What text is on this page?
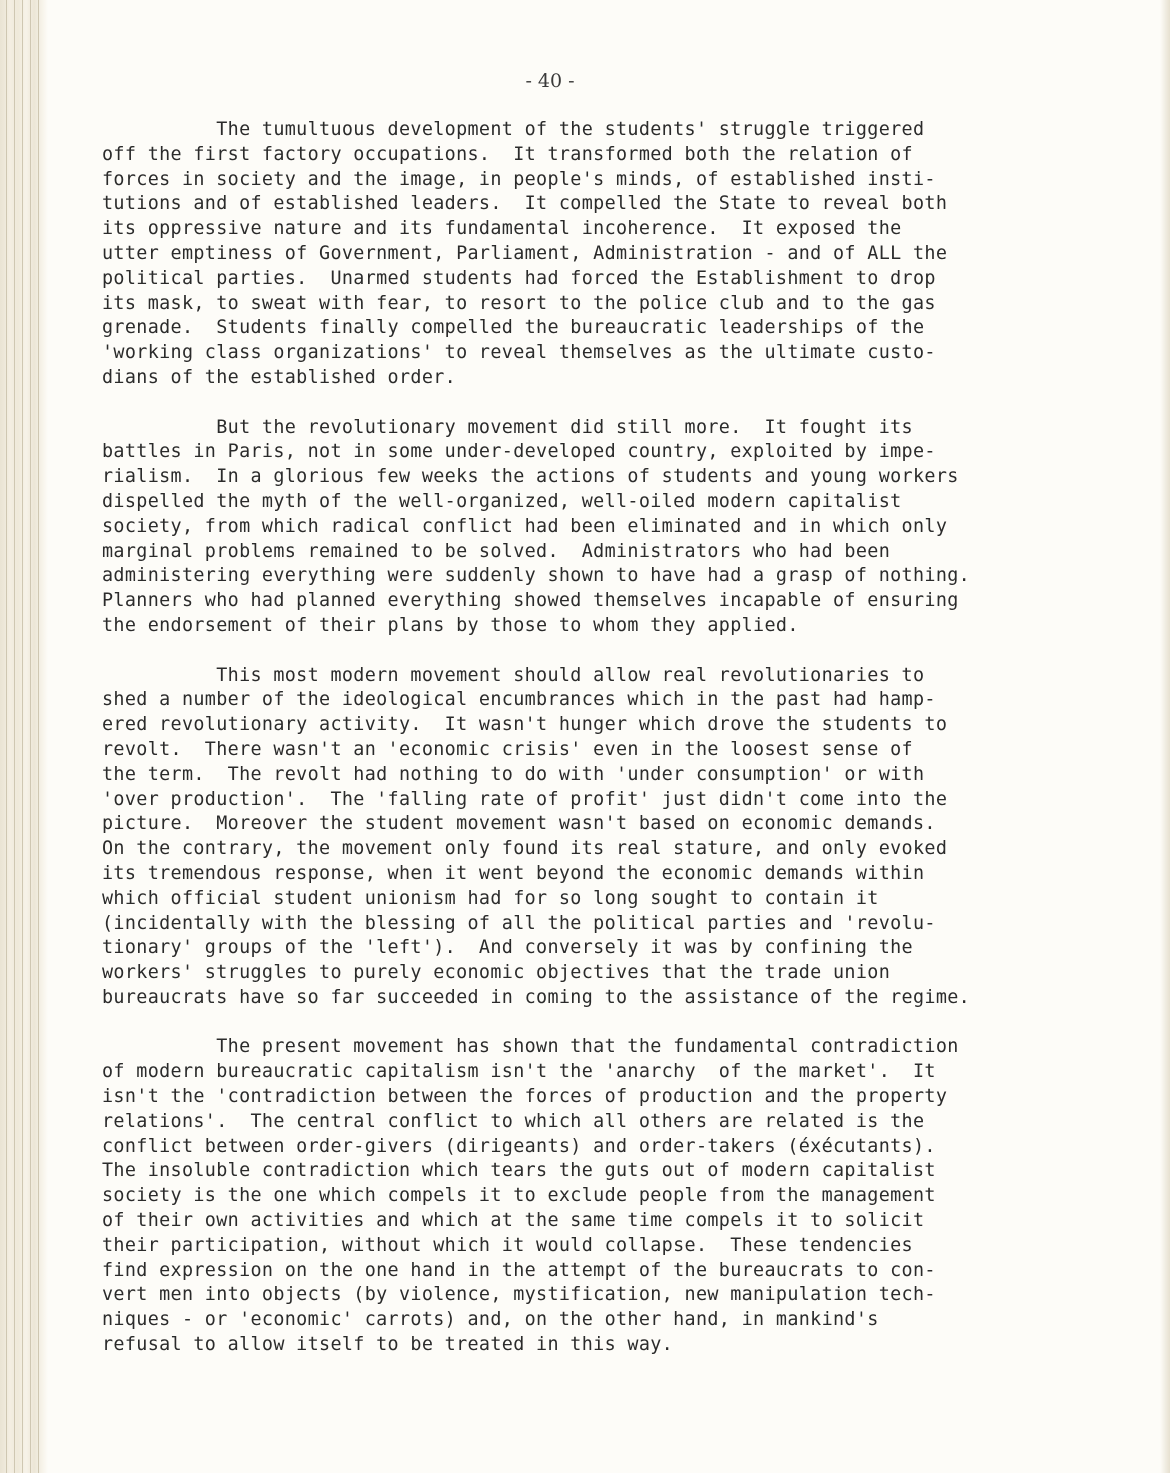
- 40 -

The tumultuous development of the students' struggle triggered
off the first factory occupations.  It transformed both the relation of
forces in society and the image, in people's minds, of established insti-
tutions and of established leaders.  It compelled the State to reveal both
its oppressive nature and its fundamental incoherence.  It exposed the
utter emptiness of Government, Parliament, Administration - and of ALL the
political parties.  Unarmed students had forced the Establishment to drop
its mask, to sweat with fear, to resort to the police club and to the gas
grenade.  Students finally compelled the bureaucratic leaderships of the
'working class organizations' to reveal themselves as the ultimate custo-
dians of the established order.

But the revolutionary movement did still more.  It fought its
battles in Paris, not in some under-developed country, exploited by impe-
rialism.  In a glorious few weeks the actions of students and young workers
dispelled the myth of the well-organized, well-oiled modern capitalist
society, from which radical conflict had been eliminated and in which only
marginal problems remained to be solved.  Administrators who had been
administering everything were suddenly shown to have had a grasp of nothing.
Planners who had planned everything showed themselves incapable of ensuring
the endorsement of their plans by those to whom they applied.

This most modern movement should allow real revolutionaries to
shed a number of the ideological encumbrances which in the past had hamp-
ered revolutionary activity.  It wasn't hunger which drove the students to
revolt.  There wasn't an 'economic crisis' even in the loosest sense of
the term.  The revolt had nothing to do with 'under consumption' or with
'over production'.  The 'falling rate of profit' just didn't come into the
picture.  Moreover the student movement wasn't based on economic demands.
On the contrary, the movement only found its real stature, and only evoked
its tremendous response, when it went beyond the economic demands within
which official student unionism had for so long sought to contain it
(incidentally with the blessing of all the political parties and 'revolu-
tionary' groups of the 'left').  And conversely it was by confining the
workers' struggles to purely economic objectives that the trade union
bureaucrats have so far succeeded in coming to the assistance of the regime.

The present movement has shown that the fundamental contradiction
of modern bureaucratic capitalism isn't the 'anarchy  of the market'.  It
isn't the 'contradiction between the forces of production and the property
relations'.  The central conflict to which all others are related is the
conflict between order-givers (dirigeants) and order-takers (éxécutants).
The insoluble contradiction which tears the guts out of modern capitalist
society is the one which compels it to exclude people from the management
of their own activities and which at the same time compels it to solicit
their participation, without which it would collapse.  These tendencies
find expression on the one hand in the attempt of the bureaucrats to con-
vert men into objects (by violence, mystification, new manipulation tech-
niques - or 'economic' carrots) and, on the other hand, in mankind's
refusal to allow itself to be treated in this way.
